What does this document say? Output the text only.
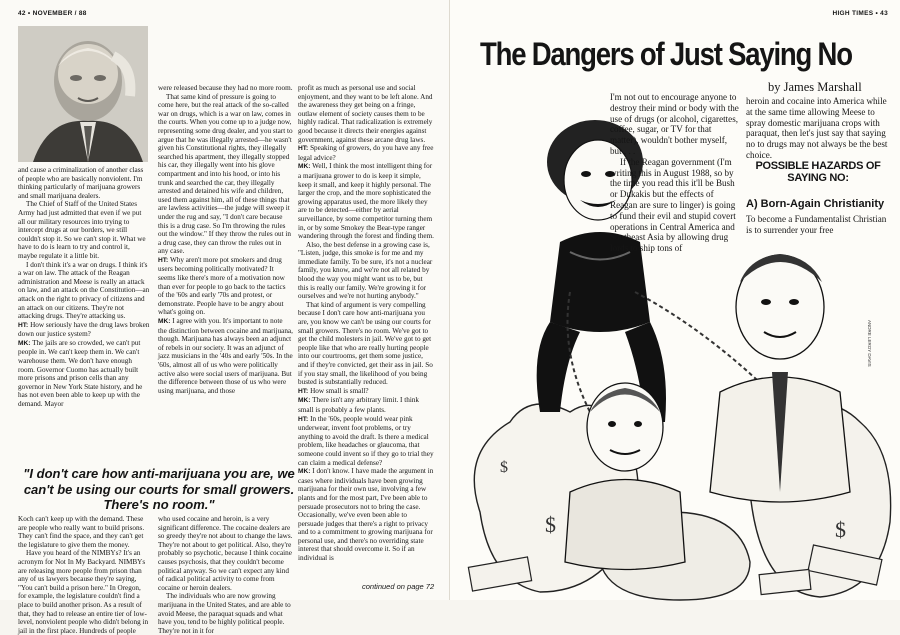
42 • NOVEMBER / 88

and cause a criminalization of another class of people who are basically nonviolent. I'm thinking particularly of marijuana growers and small marijuana dealers.

The Chief of Staff of the United States Army had just admitted that even if we put all our military resources into trying to intercept drugs at our borders, we still couldn't stop it. So we can't stop it. What we have to do is learn to try and control it, maybe regulate it a little bit.

I don't think it's a war on drugs. I think it's a war on law. The attack of the Reagan administration and Meese is really an attack on law, and an attack on the Constitution—an attack on the right to privacy of citizens and an attack on our citizens. They're not attacking drugs. They're attacking us.

HT: How seriously have the drug laws broken down our justice system?

MK: The jails are so crowded, we can't put people in. We can't keep them in. We can't warehouse them. We don't have enough room. Governor Cuomo has actually built more prisons and prison cells than any governor in New York State history, and he has not even been able to keep up with the demand. Mayor

were released because they had no more room.

That same kind of pressure is going to come here, but the real attack of the so-called war on drugs, which is a war on law, comes in the courts. When you come up to a judge now, representing some drug dealer, and you start to argue that he was illegally arrested—he wasn't given his Constitutional rights, they illegally searched his apartment, they illegally stopped his car, they illegally went into his glove compartment and into his hood, or into his trunk and searched the car, they illegally arrested and detained his wife and children, used them against him, all of these things that are lawless activities—the judge will sweep it under the rug and say, "I don't care because this is a drug case. So I'm throwing the rules out the window." If they throw the rules out in a drug case, they can throw the rules out in any case.

HT: Why aren't more pot smokers and drug users becoming politically motivated? It seems like there's more of a motivation now than ever for people to go back to the tactics of the '60s and early '70s and protest, or demonstrate. People have to be angry about what's going on.

MK: I agree with you. It's important to note the distinction between cocaine and marijuana, though. Marijuana has always been an adjunct of rebels in our society. It was an adjunct of jazz musicians in the '40s and early '50s. In the '60s, almost all of us who were politically active also were social users of marijuana. But the difference between those of us who were using marijuana, and those

profit as much as personal use and social enjoyment, and they want to be left alone. And the awareness they get being on a fringe, outlaw element of society causes them to be highly radical. That radicalization is extremely good because it directs their energies against government, against these arcane drug laws.

HT: Speaking of growers, do you have any free legal advice?

MK: Well, I think the most intelligent thing for a marijuana grower to do is keep it simple, keep it small, and keep it highly personal. The larger the crop, and the more sophisticated the growing apparatus used, the more likely they are to be detected—either by aerial surveillance, by some competitor turning them in, or by some Smokey the Bear-type ranger wandering through the forest and finding them.

Also, the best defense in a growing case is, "Listen, judge, this smoke is for me and my immediate family. To be sure, it's not a nuclear family, you know, and we're not all related by blood the way you might want us to be, but this is really our family. We're growing it for ourselves and we're not hurting anybody."

That kind of argument is very compelling because I don't care how anti-marijuana you are, you know we can't be using our courts for small growers. There's no room. We've got to get the child molesters in jail. We've got to get people like that who are really hurting people into our courtrooms, get them some justice, and if they're convicted, get their ass in jail. So if you stay small, the likelihood of you being busted is substantially reduced.

HT: How small is small?

MK: There isn't any arbitrary limit. I think small is probably a few plants.

HT: In the '60s, people would wear pink underwear, invent foot problems, or try anything to avoid the draft. Is there a medical problem, like headaches or glaucoma, that someone could invent so if they go to trial they can claim a medical defense?

MK: I don't know. I have made the argument in cases where individuals have been growing marijuana for their own use, involving a few plants and for the most part, I've been able to persuade prosecutors not to bring the case. Occasionally, we've even been able to persuade judges that there's a right to privacy and to a commitment to growing marijuana for personal use, and there's no overriding state interest that should overcome it. So if an individual is

"I don't care how anti-marijuana you are, we can't be using our courts for small growers. There's no room."

Koch can't keep up with the demand. These are people who really want to build prisons. They can't find the space, and they can't get the legislature to give them the money.

Have you heard of the NIMBYs? It's an acronym for Not In My Backyard. NIMBYs are releasing more people from prison than any of us lawyers because they're saying, "You can't build a prison here." In Oregon, for example, the legislature couldn't find a place to build another prison. As a result of that, they had to release an entire tier of low-level, nonviolent people who didn't belong in jail in the first place. Hundreds of people

who used cocaine and heroin, is a very significant difference. The cocaine dealers are so greedy they're not about to change the laws. They're not about to get political. Also, they're probably so psychotic, because I think cocaine causes psychosis, that they couldn't become political anyway. So we can't expect any kind of radical political activity to come from cocaine or heroin dealers.

The individuals who are now growing marijuana in the United States, and are able to avoid Meese, the paraquat squads and what have you, tend to be highly political people. They're not in it for

continued on page 72
HIGH TIMES • 43
The Dangers of Just Saying No
by James Marshall
$	$
$
ANDRE LEROY DAVIS

I'm not out to encourage anyone to destroy their mind or body with the use of drugs (or alcohol, cigarettes, coffee, sugar, or TV for that matter), wouldn't bother myself, but . . .

If the Reagan government (I'm writing this in August 1988, so by the time you read this it'll be Bush or Dukakis but the effects of Reagan are sure to linger) is going to fund their evil and stupid covert operations in Central America and Southeast Asia by allowing drug lords to ship tons of

heroin and cocaine into America while at the same time allowing Meese to spray domestic marijuana crops with paraquat, then let's just say that saying no to drugs may not always be the best choice.

POSSIBLE HAZARDS OF SAYING NO:
A) Born-Again Christianity

To become a Fundamentalist Christian is to surrender your free
